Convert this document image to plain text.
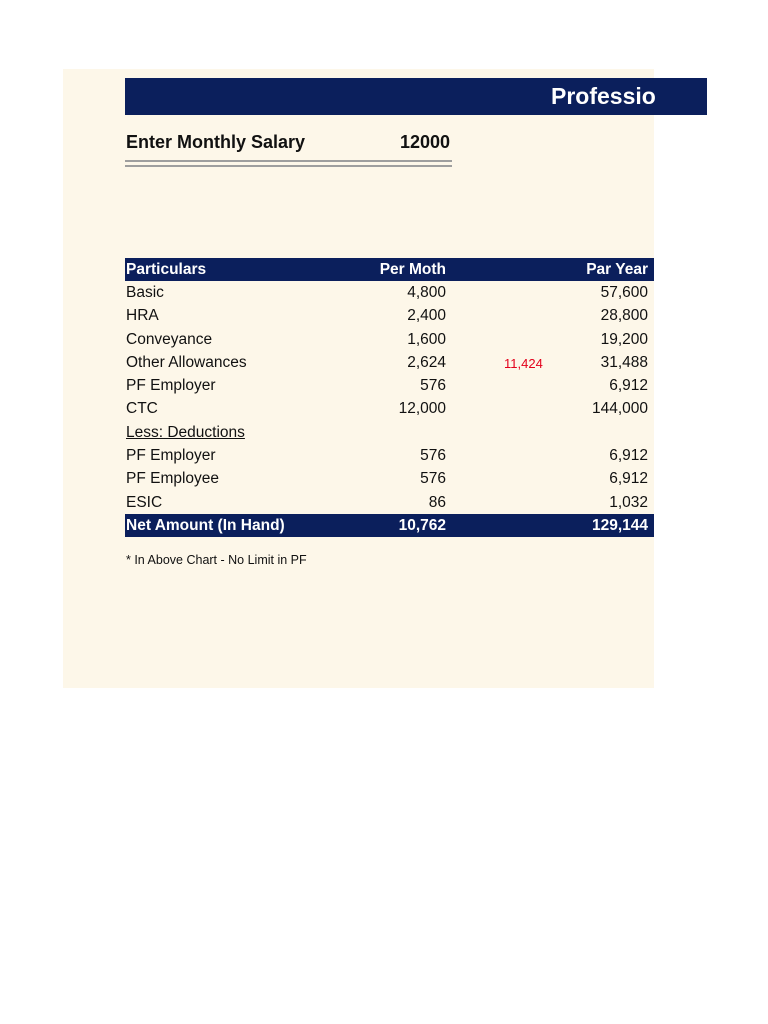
Professio
Enter Monthly Salary	12000
Particulars	Per Moth	Par Year
Basic	4,800	57,600
HRA	2,400	28,800
Conveyance	1,600	19,200
Other Allowances	2,624	11,424	31,488
PF Employer	576	6,912
CTC	12,000	144,000
Less: Deductions
PF Employer	576	6,912
PF Employee	576	6,912
ESIC	86	1,032
Net Amount (In Hand)	10,762	129,144
* In Above Chart - No Limit in PF
